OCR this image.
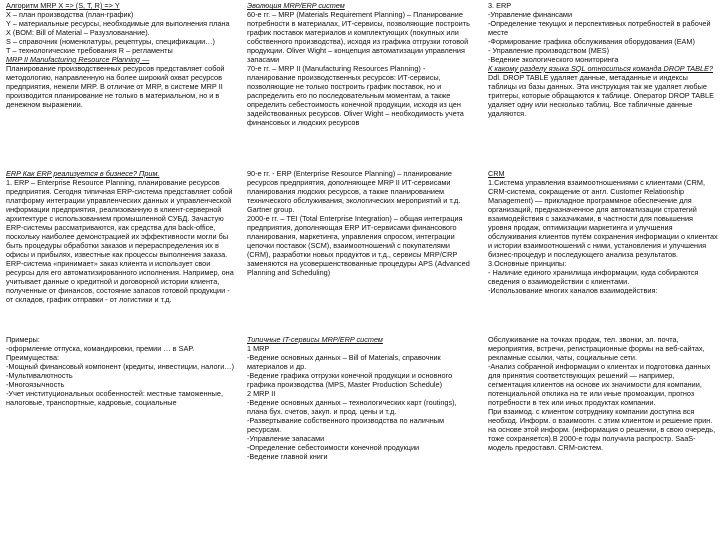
Алгоритм MRP X => (S, T, R) => Y

X – план производства (план-график)

Y – материальные ресурсы, необходимые для выполнения плана X (BOM: Bill of Material – Разузлованание).

S – справочник (номенклатуры, рецептуры, спецификации…)

T – технологические требования R – регламенты

MRP II Manufacturing Resource Planning —

Планирование производственных ресурсов представляет собой методологию, направленную на более широкий охват ресурсов предприятия, нежели MRP. В отличие от MRP, в системе MRP II производится планирование не только в материальном, но и в денежном выражении.

Эволюция MRP/ERP систем

60-е гг. – MRP (Materials Requirement Planning) – Планирование потребности в материалах, ИТ-сервисы, позволяющие построить график поставок материалов и комплектующих (покупных или собственного производства), исходя из графика отгрузки готовой продукции. Oliver Wight – концепция автоматизации управления запасами

70-е гг. – MRP II (Manufacturing Resources Planning) - планирование производственных ресурсов: ИТ-сервисы, позволяющие не только построить график поставок, но и распределить его по последовательным моментам, а также определить себестоимость конечной продукции, исходя из цен задействованных ресурсов. Oliver Wight – необходимость учета финансовых и людских ресурсов

3. ERP

-Управление финансами

-Определение текущих и перспективных потребностей в рабочей месте

-Формирование графика обслуживания оборудования (EAM)

- Управление производством (MES)

-Ведение экологического мониторинга

К какому разделу языка SQL относиться команда DROP TABLE?

Ddl. DROP TABLE удаляет данные, метаданные и индексы таблицы из базы данных. Эта инструкция так же удаляет любые триггеры, которые обращаются к таблице. Оператор DROP TABLE удаляет одну или несколько таблиц. Все табличные данные удаляются.

ERP Как ERP реализуется в бизнесе? Прим.

1. ERP – Enterprise Resource Planning, планирование ресурсов предприятия. Сегодня типичная ERP-система представляет собой платформу интеграции управленческих данных и управленческой информации предприятия, реализованную в клиент-серверной архитектуре с использованием промышленной СУБД. Зачастую ERP-системы рассматриваются, как средства для back-office, поскольку наиболее демонстрацией их эффективности могли бы быть процедуры обработки заказов и перераспределения их в офисы и прибылях, известные как процессы выполнения заказа. ERP-система «принимает» заказ клиента и использует свои ресурсы для его автоматизированного исполнения. Например, она учитывает данные о кредитной и договорной истории клиента, полученные от финансов, состояние запасов готовой продукции - от складов, график отправки - от логистики и т.д.

90-е гг. - ERP (Enterprise Resource Planning) – планирование ресурсов предприятия, дополняющее MRP II ИТ-сервисами планирования людских ресурсов, а также планированием технического обслуживания, экологических мероприятий и т.д. Gartner group.

2000-е гг. – TEI (Total Enterprise Integration) – общая интеграция предприятия, дополняющая ERP ИТ-сервисами финансового планирования, маркетинга, управления спросом, интеграции цепочки поставок (SCM), взаимоотношений с покупателями (CRM), разработки новых продуктов и т.д., сервисы MRP/CRP заменяются на усовершенствованные процедуры APS (Advanced Planning and Scheduling)

CRM

1.Система управления взаимоотношениями с клиентами (CRM, CRM-система, сокращение от англ. Customer Relationship Management) — прикладное программное обеспечение для организаций, предназначенное для автоматизации стратегий взаимодействия с заказчиками, в частности для повышения уровня продаж, оптимизации маркетинга и улучшения обслуживания клиентов путём сохранения информации о клиентах и истории взаимоотношений с ними, установления и улучшения бизнес-процедур и последующего анализа результатов.

3.Основные принципы:

- Наличие единого хранилища информации, куда собираются сведения о взаимодействии с клиентами.

-Использование многих каналов взаимодействия:

Примеры:

-оформление отпуска, командировки, премии … в SAP.

Преимущества:

-Мощный финансовый компонент (кредиты, инвестиции, налоги…)

-Мультивалютность

-Многоязычность

-Учет институциональных особенностей: местные таможенные, налоговые, транспортные, кадровые, социальные

Типичные IT-сервисы MRP/ERP систем

1 MRP

-Ведение основных данных – Bill of Materials, справочник материалов и др.

-Ведение графика отгрузки конечной продукции и основного графика производства (MPS, Master Production Schedule)

2 MRP II

-Ведение основных данных – технологических карт (routings), плана бух. счетов, закуп. и прод. цены и т.д.

-Развертывание собственного производства по наличным ресурсам.

-Управление запасами

-Определение себестоимости конечной продукции

-Ведение главной книги

Обслуживание на точках продаж, тел. звонки, эл. почта, мероприятия, встречи, регистрационные формы на веб-сайтах, рекламные ссылки, чаты, социальные сети.

-Анализ собранной информации о клиентах и подготовка данных для принятия соответствующих решений — например, сегментация клиентов на основе их значимости для компании, потенциальной отклика на те или иные промоакции, прогноз потребности в тех или иных продуктах компании.

При взаимод. с клиентом сотруднику компании доступна вся необход. Информ. о взаимоотн. с этим клиентом и решение прин. на основе этой информ. (информация о решении, в свою очередь, тоже сохраняется).В 2000-е годы получила распростр. SaaS-модель предоставл. CRM-систем.
